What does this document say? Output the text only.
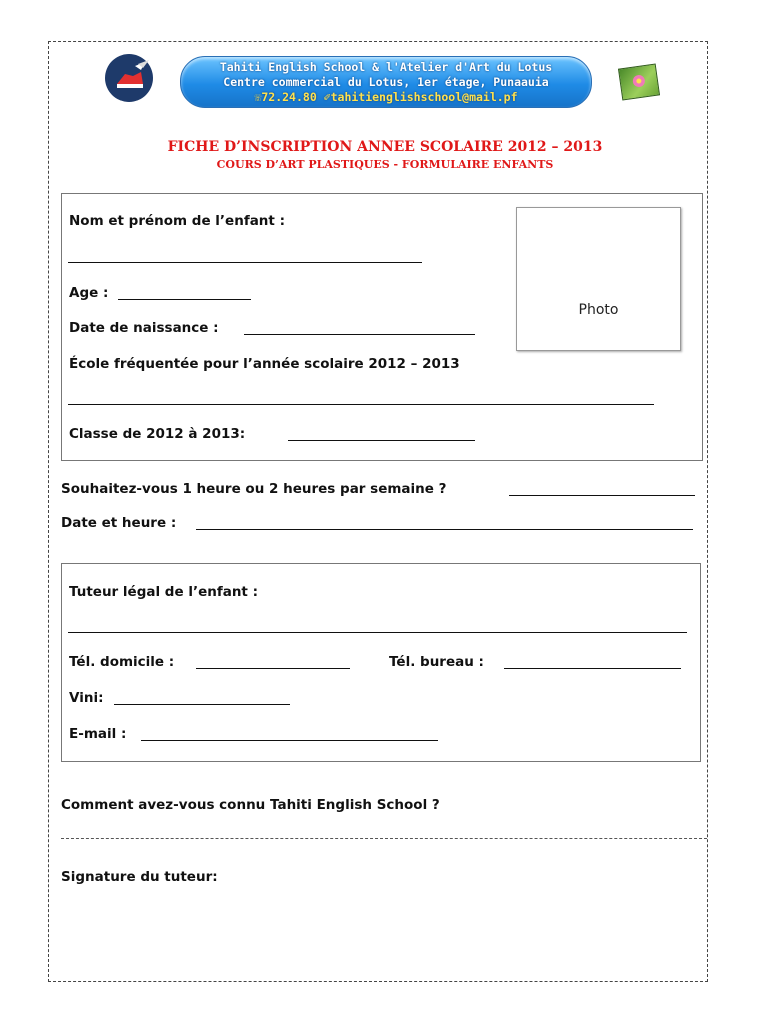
Tahiti English School & l'Atelier d'Art du Lotus
Centre commercial du Lotus, 1er étage, Punaauia
☏72.24.80 ✐tahitienglishschool@mail.pf
FICHE D’INSCRIPTION ANNEE SCOLAIRE 2012 – 2013
COURS D’ART PLASTIQUES - FORMULAIRE ENFANTS
Nom et prénom de l’enfant :
Age :
Date de naissance :
École fréquentée pour l’année scolaire 2012 – 2013
Classe de 2012 à 2013:
Photo
Souhaitez-vous 1 heure ou 2 heures par semaine ?
Date et heure :
Tuteur légal de l’enfant :
Tél. domicile :	Tél. bureau :
Vini:
E-mail :
Comment avez-vous connu Tahiti English School ?
Signature du tuteur:
